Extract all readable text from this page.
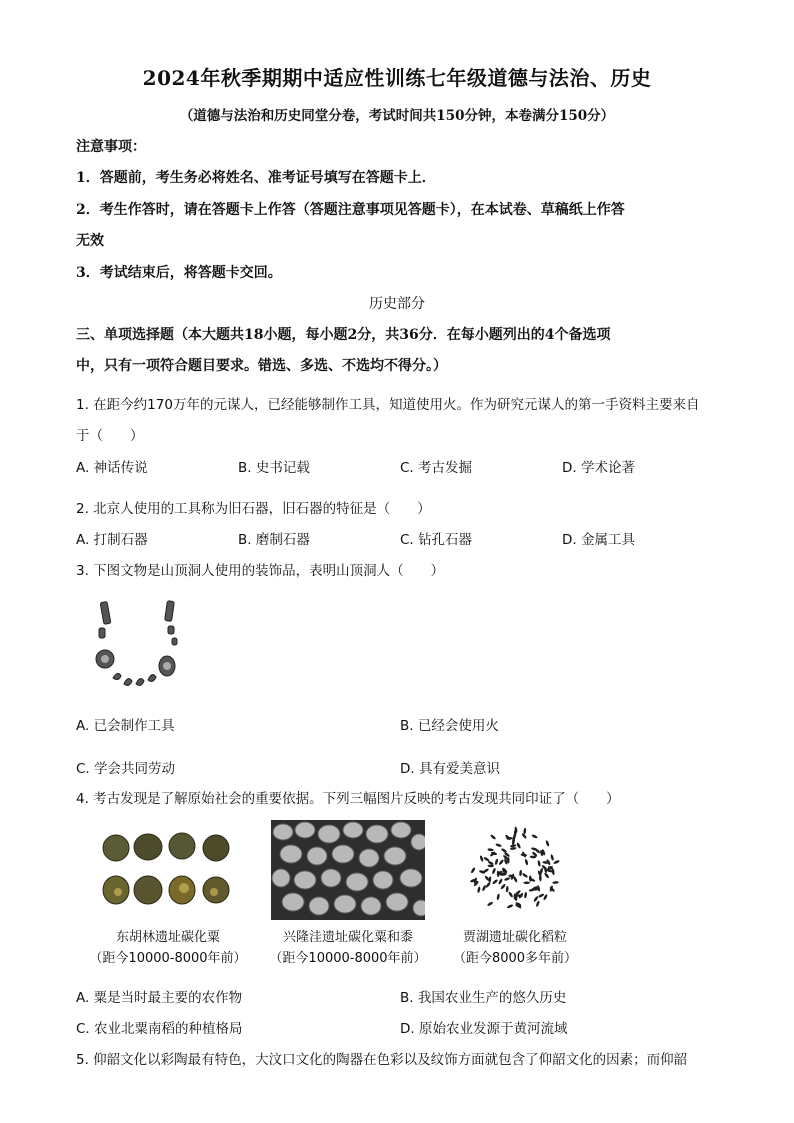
2024年秋季期期中适应性训练七年级道德与法治、历史
（道德与法治和历史同堂分卷，考试时间共150分钟，本卷满分150分）
注意事项：
1．答题前，考生务必将姓名、准考证号填写在答题卡上．
2．考生作答时，请在答题卡上作答（答题注意事项见答题卡），在本试卷、草稿纸上作答
无效
3．考试结束后，将答题卡交回。
历史部分
三、单项选择题（本大题共18小题，每小题2分，共36分．在每小题列出的4个备选项
中，只有一项符合题目要求。错选、多选、不选均不得分。）
1. 在距今约170万年的元谋人，已经能够制作工具，知道使用火。作为研究元谋人的第一手资料主要来自
于（　　）
A. 神话传说	B. 史书记载	C. 考古发掘	D. 学术论著
2. 北京人使用的工具称为旧石器，旧石器的特征是（　　）
A. 打制石器	B. 磨制石器	C. 钻孔石器	D. 金属工具
3. 下图文物是山顶洞人使用的装饰品，表明山顶洞人（　　）
A. 已会制作工具	B. 已经会使用火
C. 学会共同劳动	D. 具有爱美意识
4. 考古发现是了解原始社会的重要依据。下列三幅图片反映的考古发现共同印证了（　　）
东胡林遗址碳化粟
（距今10000-8000年前）
兴隆洼遗址碳化粟和黍
（距今10000-8000年前）
贾湖遗址碳化稻粒
（距今8000多年前）
A. 粟是当时最主要的农作物	B. 我国农业生产的悠久历史
C. 农业北粟南稻的种植格局	D. 原始农业发源于黄河流域
5. 仰韶文化以彩陶最有特色，大汶口文化的陶器在色彩以及纹饰方面就包含了仰韶文化的因素；而仰韶
